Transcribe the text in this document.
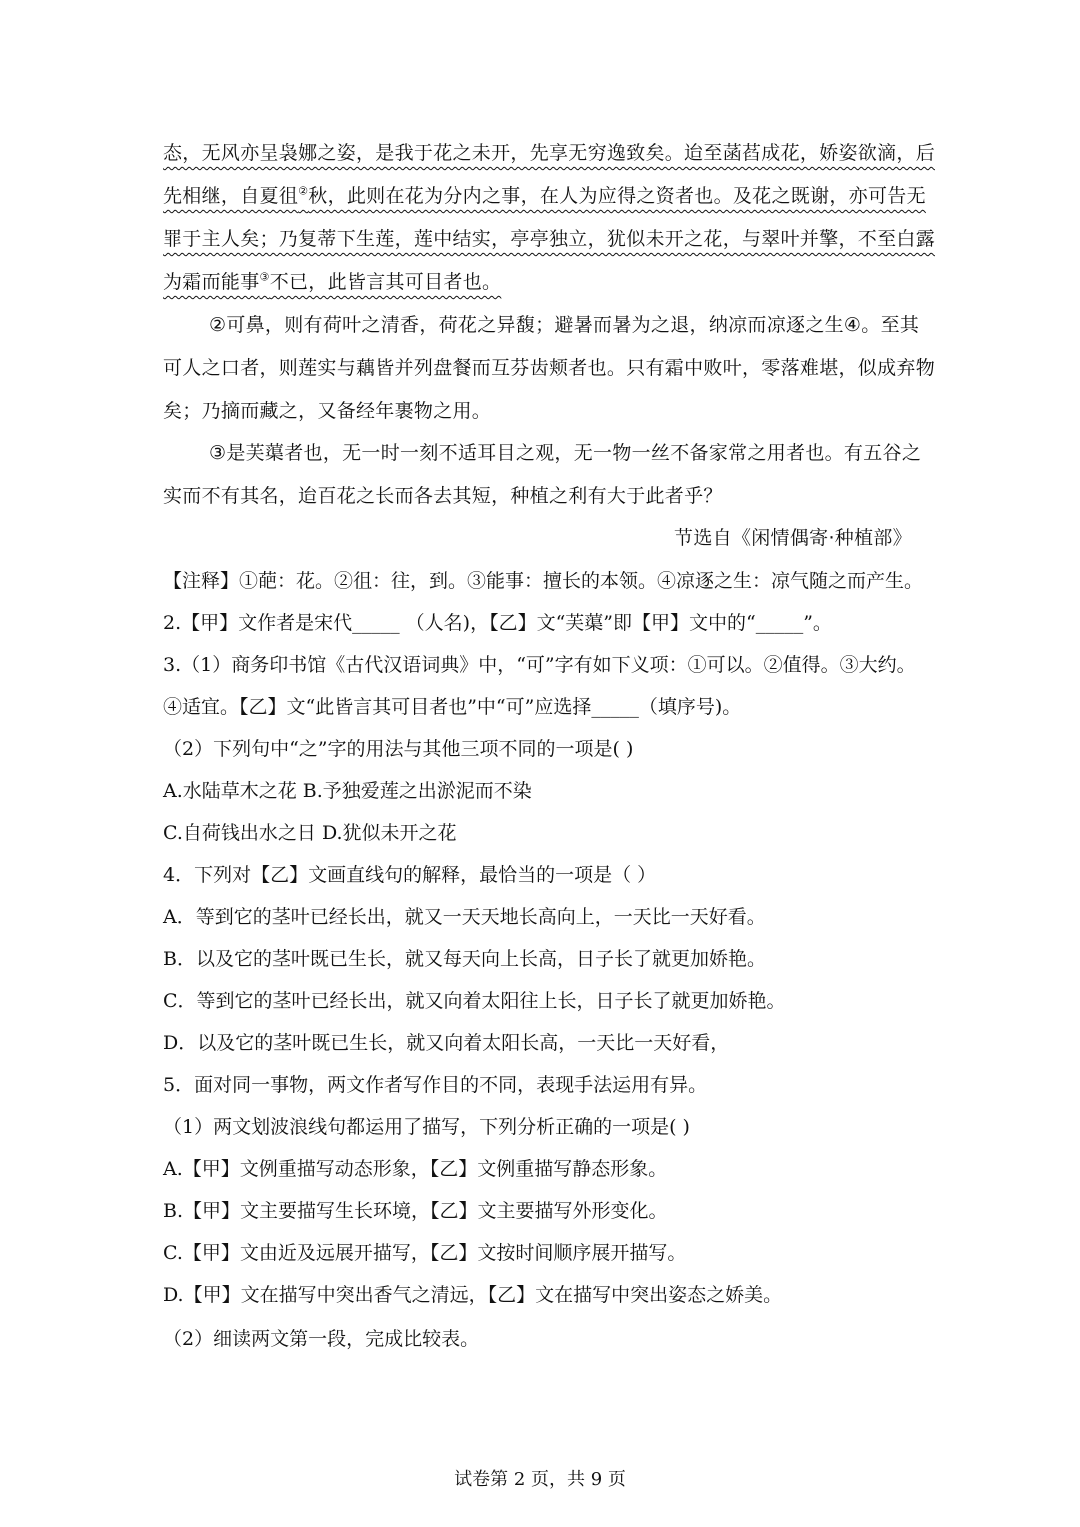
态，无风亦呈袅娜之姿，是我于花之未开，先享无穷逸致矣。迨至菡萏成花，娇姿欲滴，后
先相继，自夏徂②秋，此则在花为分内之事，在人为应得之资者也。及花之既谢，亦可告无
罪于主人矣；乃复蒂下生莲，莲中结实，亭亭独立，犹似未开之花，与翠叶并擎，不至白露
为霜而能事③不已，此皆言其可目者也。
②可鼻，则有荷叶之清香，荷花之异馥；避暑而暑为之退，纳凉而凉逐之生④。至其
可人之口者，则莲实与藕皆并列盘餐而互芬齿颊者也。只有霜中败叶，零落难堪，似成弃物
矣；乃摘而藏之，又备经年裹物之用。
③是芙蕖者也，无一时一刻不适耳目之观，无一物一丝不备家常之用者也。有五谷之
实而不有其名，迨百花之长而各去其短，种植之利有大于此者乎？
节选自《闲情偶寄·种植部》
【注释】①葩：花。②徂：往，到。③能事：擅长的本领。④凉逐之生：凉气随之而产生。
2.【甲】文作者是宋代_____ （人名)，【乙】文“芙蕖”即【甲】文中的“_____”。
3.（1）商务印书馆《古代汉语词典》中，“可”字有如下义项：①可以。②值得。③大约。
④适宜。【乙】文“此皆言其可目者也”中“可”应选择_____（填序号)。
（2）下列句中“之”字的用法与其他三项不同的一项是( )
A.水陆草木之花 B.予独爱莲之出淤泥而不染
C.自荷钱出水之日 D.犹似未开之花
4．下列对【乙】文画直线句的解释，最恰当的一项是（ ）
A．等到它的茎叶已经长出，就又一天天地长高向上，一天比一天好看。
B．以及它的茎叶既已生长，就又每天向上长高，日子长了就更加娇艳。
C．等到它的茎叶已经长出，就又向着太阳往上长，日子长了就更加娇艳。
D．以及它的茎叶既已生长，就又向着太阳长高，一天比一天好看，
5．面对同一事物，两文作者写作目的不同，表现手法运用有异。
（1）两文划波浪线句都运用了描写，下列分析正确的一项是( )
A.【甲】文例重描写动态形象，【乙】文例重描写静态形象。
B.【甲】文主要描写生长环境，【乙】文主要描写外形变化。
C.【甲】文由近及远展开描写，【乙】文按时间顺序展开描写。
D.【甲】文在描写中突出香气之清远，【乙】文在描写中突出姿态之娇美。
（2）细读两文第一段，完成比较表。
试卷第 2 页，共 9 页
